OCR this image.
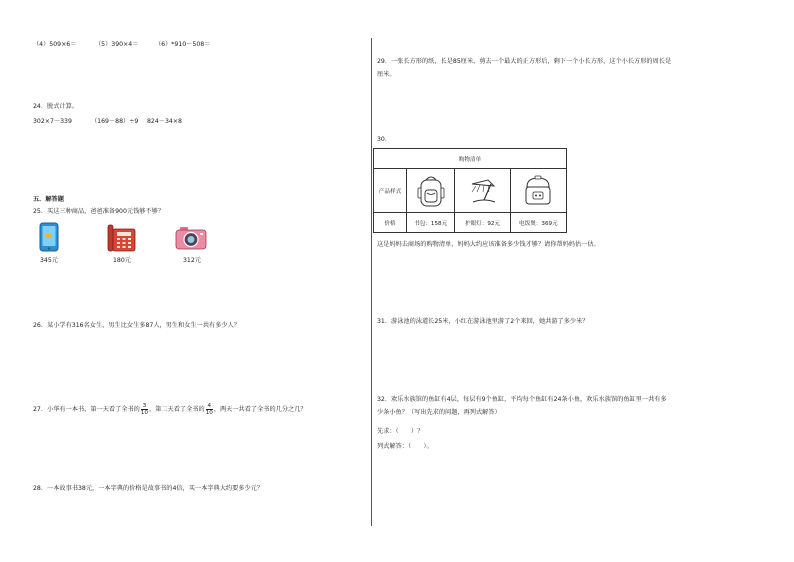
（4）509×6＝	（5）390×4＝	（6）*910－508＝
24．脱式计算。
302×7－339	（169－88）÷9 824－34×8
五．解答题
25．买这三种商品，爸爸准备900元钱够不够？
345元	180元	312元
26．某小学有316名女生，男生比女生多87人，男生和女生一共有多少人？
27．小华有一本书，第一天看了全书的 $\frac{3}{10}$ ，第二天看了全书的 $\frac{4}{10}$ ，两天一共看了全书的几分之几？
28．一本故事书38元，一本字典的价格是故事书的4倍，买一本字典大约要多少元？
29．一张长方形的纸，长是85厘米，剪去一个最大的正方形后，剩下一个小长方形，这个小长方形的周长是
厘米。
30．
购物清单			
产品样式	

价格	书包：158元	护眼灯：92元	电饭煲：369元
这是妈妈去商场的购物清单，妈妈大约应该准备多少钱才够？请你帮妈妈估一估。
31．游泳池的泳道长25米，小红在游泳池里游了2个来回，她共游了多少米？
32．欢乐水族馆的鱼缸有4层，每层有9个鱼缸，平均每个鱼缸有24条小鱼，欢乐水族馆的鱼缸里一共有多
少条小鱼？（写出先求的问题，再列式解答）
先求：（　　）？
列式解答：（　　）。
